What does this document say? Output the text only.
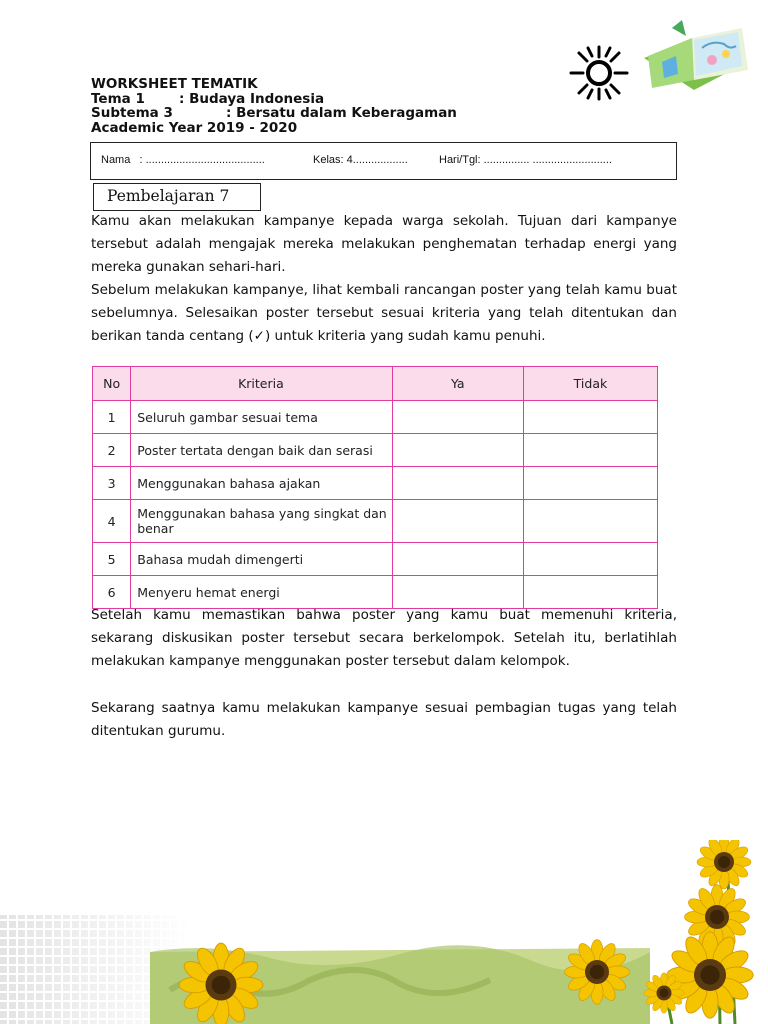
WORKSHEET TEMATIK
Tema 1	: Budaya Indonesia
Subtema 3	: Bersatu dalam Keberagaman
Academic Year 2019 - 2020
Nama   : .......................................	Kelas: 4..................	Hari/Tgl: ............... ..........................
Pembelajaran 7
Kamu akan melakukan kampanye kepada warga sekolah. Tujuan dari kampanye tersebut adalah mengajak mereka melakukan penghematan terhadap energi yang mereka gunakan sehari-hari.
Sebelum melakukan kampanye, lihat kembali rancangan poster yang telah kamu buat sebelumnya. Selesaikan poster tersebut sesuai kriteria yang telah ditentukan dan berikan tanda centang (✓) untuk kriteria yang sudah kamu penuhi.
No	Kriteria	Ya	Tidak
1	Seluruh gambar sesuai tema		
2	Poster tertata dengan baik dan serasi		
3	Menggunakan bahasa ajakan		
4	Menggunakan bahasa yang singkat dan benar		
5	Bahasa mudah dimengerti		
6	Menyeru hemat energi		
Setelah kamu memastikan bahwa poster yang kamu buat memenuhi kriteria, sekarang diskusikan poster tersebut secara berkelompok. Setelah itu, berlatihlah melakukan kampanye menggunakan poster tersebut dalam kelompok.
Sekarang saatnya kamu melakukan kampanye sesuai pembagian tugas yang telah ditentukan gurumu.
